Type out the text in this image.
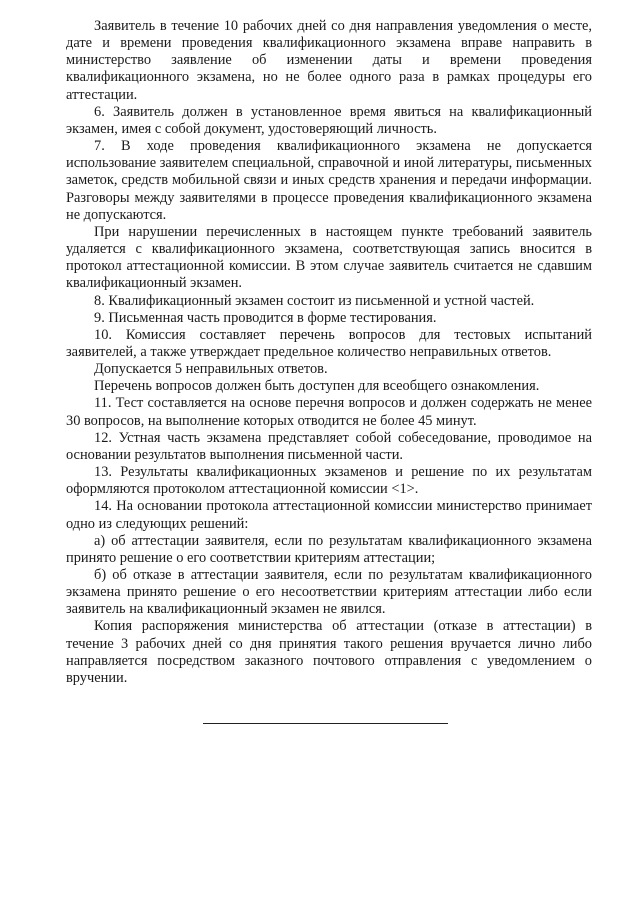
Заявитель в течение 10 рабочих дней со дня направления уведомления о месте, дате и времени проведения квалификационного экзамена вправе направить в министерство заявление об изменении даты и времени проведения квалификационного экзамена, но не более одного раза в рамках процедуры его аттестации.

6. Заявитель должен в установленное время явиться на квалификационный экзамен, имея с собой документ, удостоверяющий личность.

7. В ходе проведения квалификационного экзамена не допускается использование заявителем специальной, справочной и иной литературы, письменных заметок, средств мобильной связи и иных средств хранения и передачи информации. Разговоры между заявителями в процессе проведения квалификационного экзамена не допускаются.

При нарушении перечисленных в настоящем пункте требований заявитель удаляется с квалификационного экзамена, соответствующая запись вносится в протокол аттестационной комиссии. В этом случае заявитель считается не сдавшим квалификационный экзамен.

8. Квалификационный экзамен состоит из письменной и устной частей.

9. Письменная часть проводится в форме тестирования.

10. Комиссия составляет перечень вопросов для тестовых испытаний заявителей, а также утверждает предельное количество неправильных ответов.

Допускается 5 неправильных ответов.

Перечень вопросов должен быть доступен для всеобщего ознакомления.

11. Тест составляется на основе перечня вопросов и должен содержать не менее 30 вопросов, на выполнение которых отводится не более 45 минут.

12. Устная часть экзамена представляет собой собеседование, проводимое на основании результатов выполнения письменной части.

13. Результаты квалификационных экзаменов и решение по их результатам оформляются протоколом аттестационной комиссии <1>.

14. На основании протокола аттестационной комиссии министерство принимает одно из следующих решений:

а) об аттестации заявителя, если по результатам квалификационного экзамена принято решение о его соответствии критериям аттестации;

б) об отказе в аттестации заявителя, если по результатам квалификационного экзамена принято решение о его несоответствии критериям аттестации либо если заявитель на квалификационный экзамен не явился.

Копия распоряжения министерства об аттестации (отказе в аттестации) в течение 3 рабочих дней со дня принятия такого решения вручается лично либо направляется посредством заказного почтового отправления с уведомлением о вручении.
